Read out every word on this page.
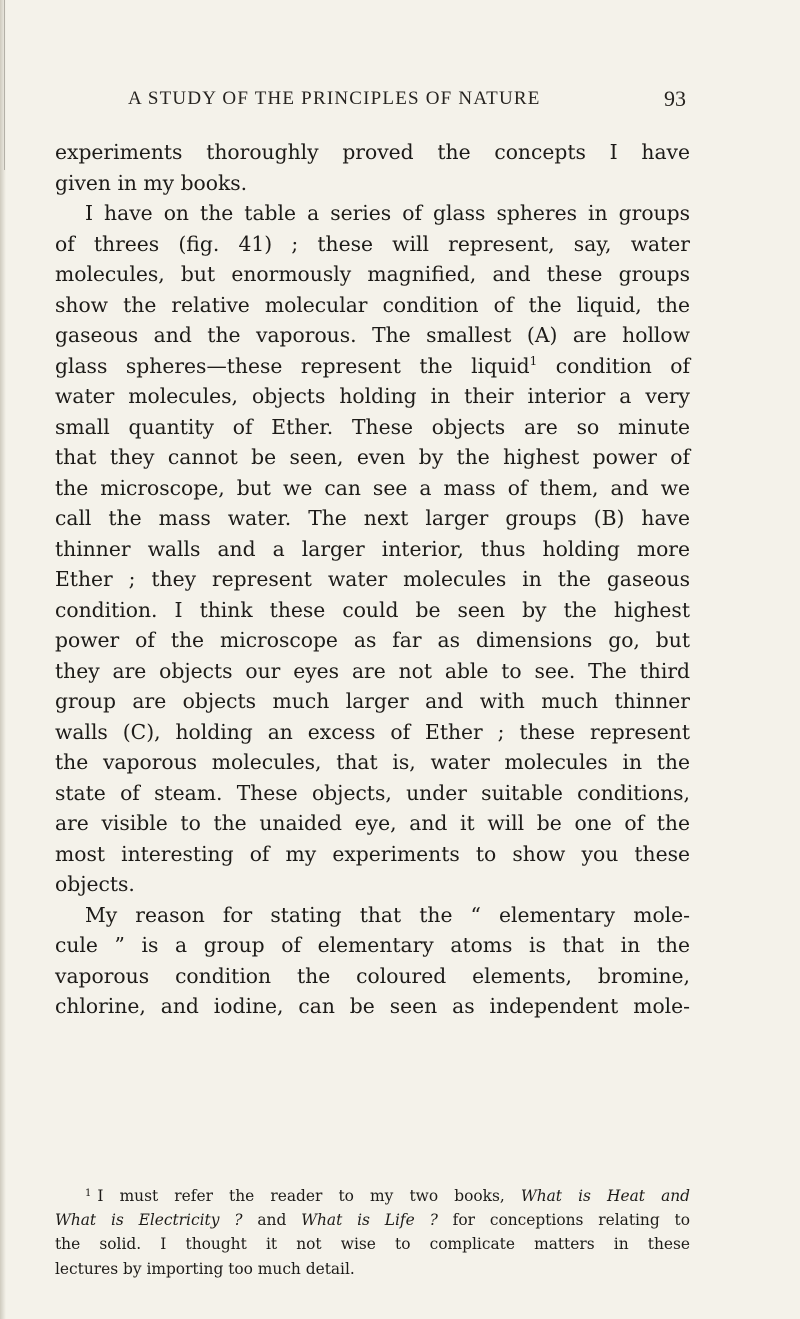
A STUDY OF THE PRINCIPLES OF NATURE	93
experiments thoroughly proved the concepts I have
given in my books.
I have on the table a series of glass spheres in groups
of threes (fig. 41) ; these will represent, say, water
molecules, but enormously magnified, and these groups
show the relative molecular condition of the liquid, the
gaseous and the vaporous. The smallest (A) are hollow
glass spheres—these represent the liquid$^1$ condition of
water molecules, objects holding in their interior a very
small quantity of Ether. These objects are so minute
that they cannot be seen, even by the highest power of
the microscope, but we can see a mass of them, and we
call the mass water. The next larger groups (B) have
thinner walls and a larger interior, thus holding more
Ether ; they represent water molecules in the gaseous
condition. I think these could be seen by the highest
power of the microscope as far as dimensions go, but
they are objects our eyes are not able to see. The third
group are objects much larger and with much thinner
walls (C), holding an excess of Ether ; these represent
the vaporous molecules, that is, water molecules in the
state of steam. These objects, under suitable conditions,
are visible to the unaided eye, and it will be one of the
most interesting of my experiments to show you these
objects.
My reason for stating that the “ elementary mole-
cule ” is a group of elementary atoms is that in the
vaporous condition the coloured elements, bromine,
chlorine, and iodine, can be seen as independent mole-
$^1$ I must refer the reader to my two books, What is Heat and
What is Electricity ? and What is Life ? for conceptions relating to
the solid. I thought it not wise to complicate matters in these
lectures by importing too much detail.
